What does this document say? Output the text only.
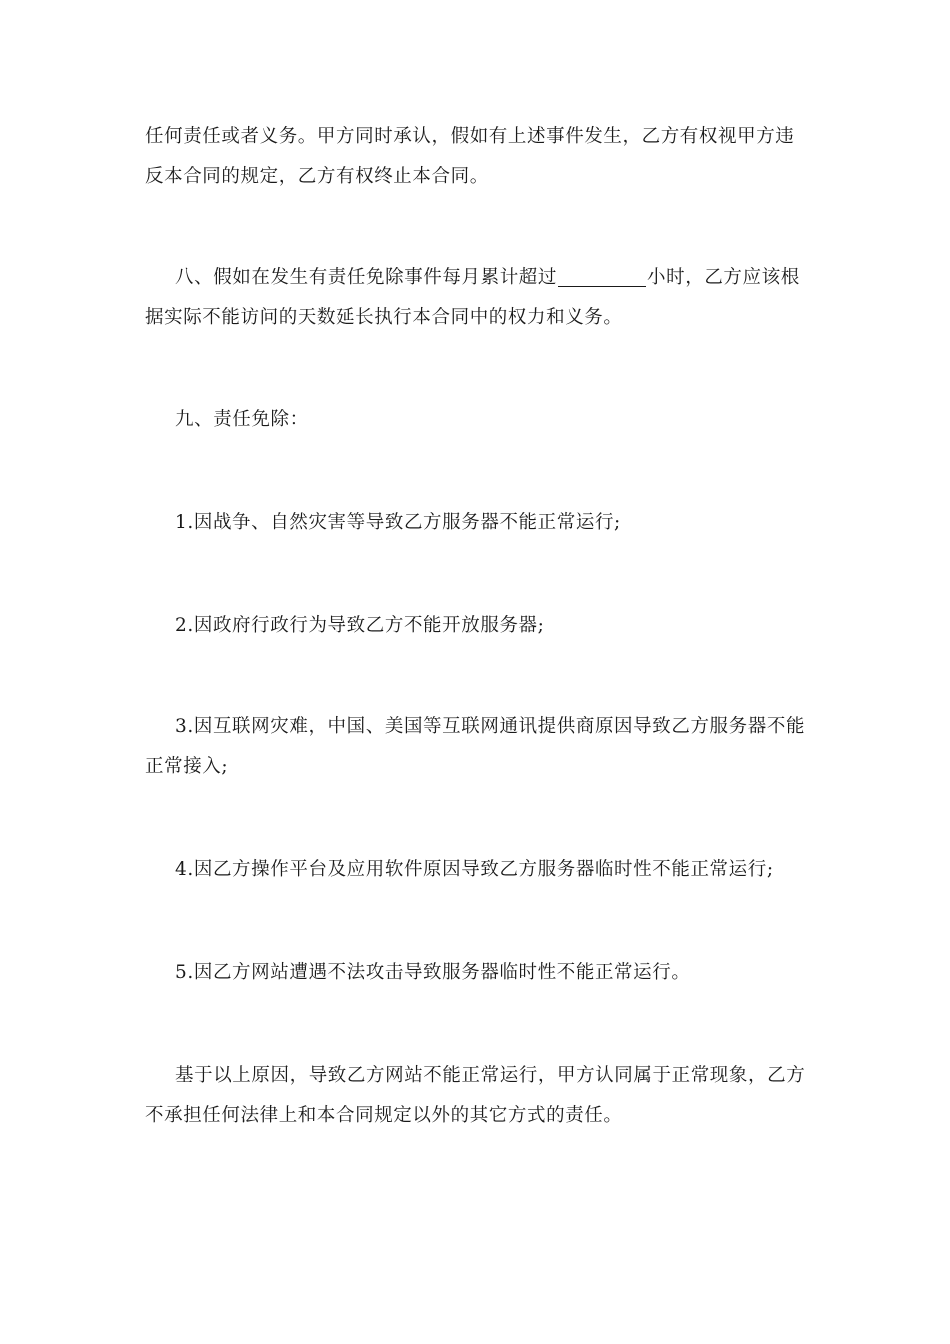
任何责任或者义务。甲方同时承认，假如有上述事件发生，乙方有权视甲方违反本合同的规定，乙方有权终止本合同。

八、假如在发生有责任免除事件每月累计超过	小时，乙方应该根据实际不能访问的天数延长执行本合同中的权力和义务。

九、责任免除：

1.因战争、自然灾害等导致乙方服务器不能正常运行;

2.因政府行政行为导致乙方不能开放服务器;

3.因互联网灾难，中国、美国等互联网通讯提供商原因导致乙方服务器不能正常接入;

4.因乙方操作平台及应用软件原因导致乙方服务器临时性不能正常运行;

5.因乙方网站遭遇不法攻击导致服务器临时性不能正常运行。

基于以上原因，导致乙方网站不能正常运行，甲方认同属于正常现象，乙方不承担任何法律上和本合同规定以外的其它方式的责任。
